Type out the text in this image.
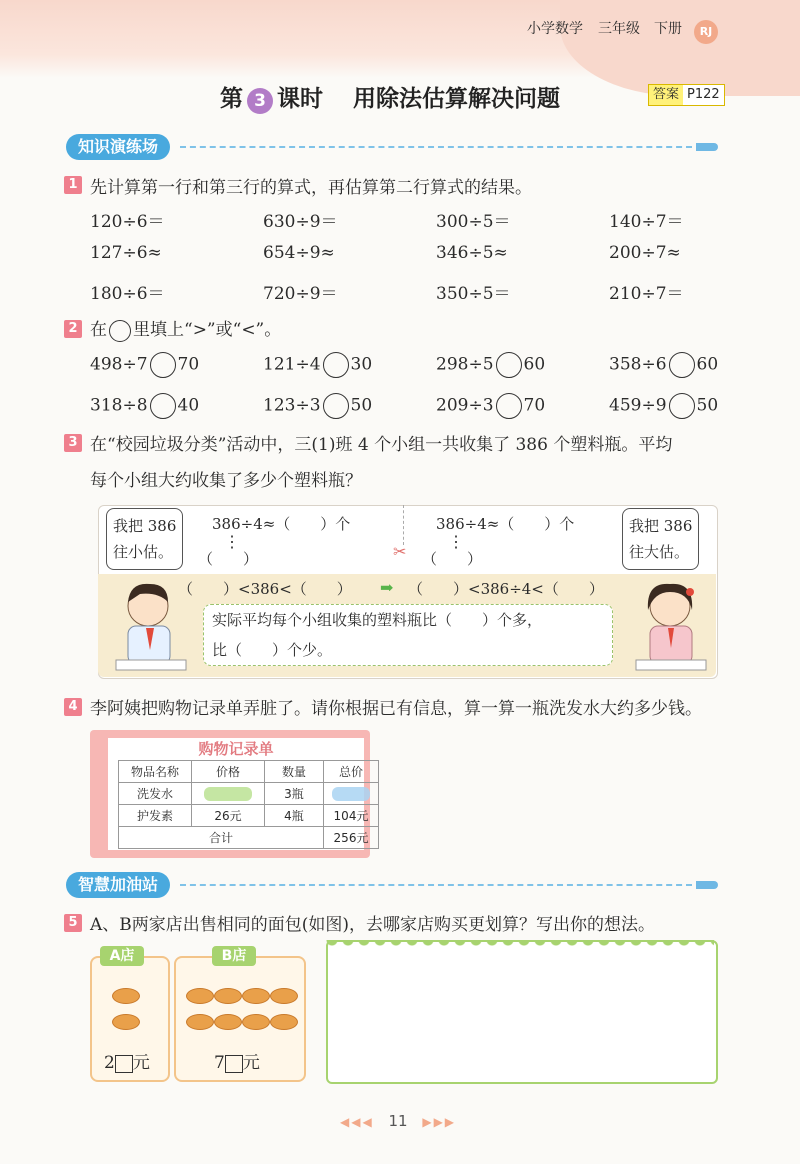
小学数学 三年级 下册	RJ
第 3 课时 用除法估算解决问题	答案 P122
知识演练场
1 先计算第一行和第三行的算式，再估算第二行算式的结果。
120÷6＝	630÷9＝	300÷5＝	140÷7＝
127÷6≈	654÷9≈	346÷5≈	200÷7≈
180÷6＝	720÷9＝	350÷5＝	210÷7＝
2 在 里填上“>”或“<”。
498÷7 70	121÷4 30	298÷5 60	358÷6 60
318÷8 40	123÷3 50	209÷3 70	459÷9 50
3 在“校园垃圾分类”活动中，三(1)班 4 个小组一共收集了 386 个塑料瓶。平均
每个小组大约收集了多少个塑料瓶？
我把 386
往小估。
我把 386
往大估。
386÷4≈（　　）个	386÷4≈（　　）个
⋮	⋮
（　　）	（　　）
✂
（　　）<386<（　　） ➡ （　　）<386÷4<（　　）
实际平均每个小组收集的塑料瓶比（　　）个多，
比（　　）个少。
4 李阿姨把购物记录单弄脏了。请你根据已有信息，算一算一瓶洗发水大约多少钱。
购物记录单
物品名称	价格	数量	总价
洗发水		3瓶	

护发素	26元	4瓶	104元
合计			256元
智慧加油站
5 A、B两家店出售相同的面包(如图)，去哪家店购买更划算？写出你的想法。
A店
2 元
B店
7 元
◀◀◀ 11 ▶▶▶
